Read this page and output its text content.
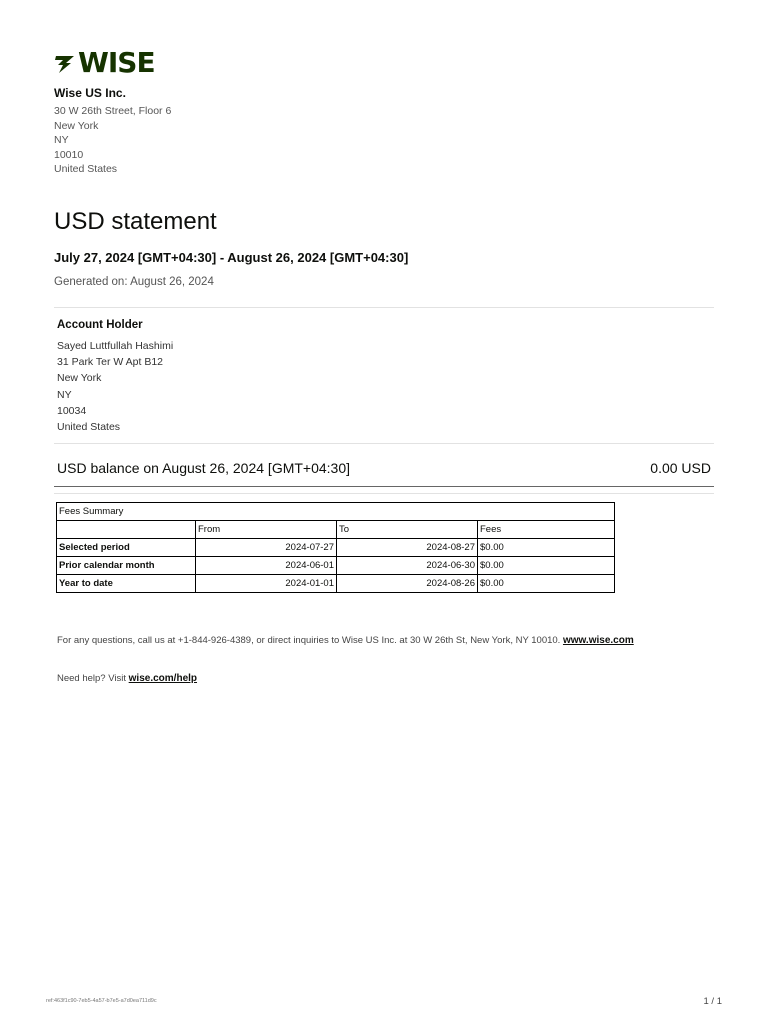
WISE
Wise US Inc.
30 W 26th Street, Floor 6
New York
NY
10010
United States
USD statement
July 27, 2024 [GMT+04:30] - August 26, 2024 [GMT+04:30]
Generated on: August 26, 2024
Account Holder
Sayed Luttfullah Hashimi
31 Park Ter W Apt B12
New York
NY
10034
United States
USD balance on August 26, 2024 [GMT+04:30]	0.00 USD
Fees Summary			
	From	To	Fees
Selected period	2024-07-27	2024-08-27	$0.00
Prior calendar month	2024-06-01	2024-06-30	$0.00
Year to date	2024-01-01	2024-08-26	$0.00
For any questions, call us at +1-844-926-4389, or direct inquiries to Wise US Inc. at 30 W 26th St, New York, NY 10010. www.wise.com
Need help? Visit wise.com/help
ref:463f1c90-7eb5-4a57-b7e5-a7d0ea711d9c	1 / 1
